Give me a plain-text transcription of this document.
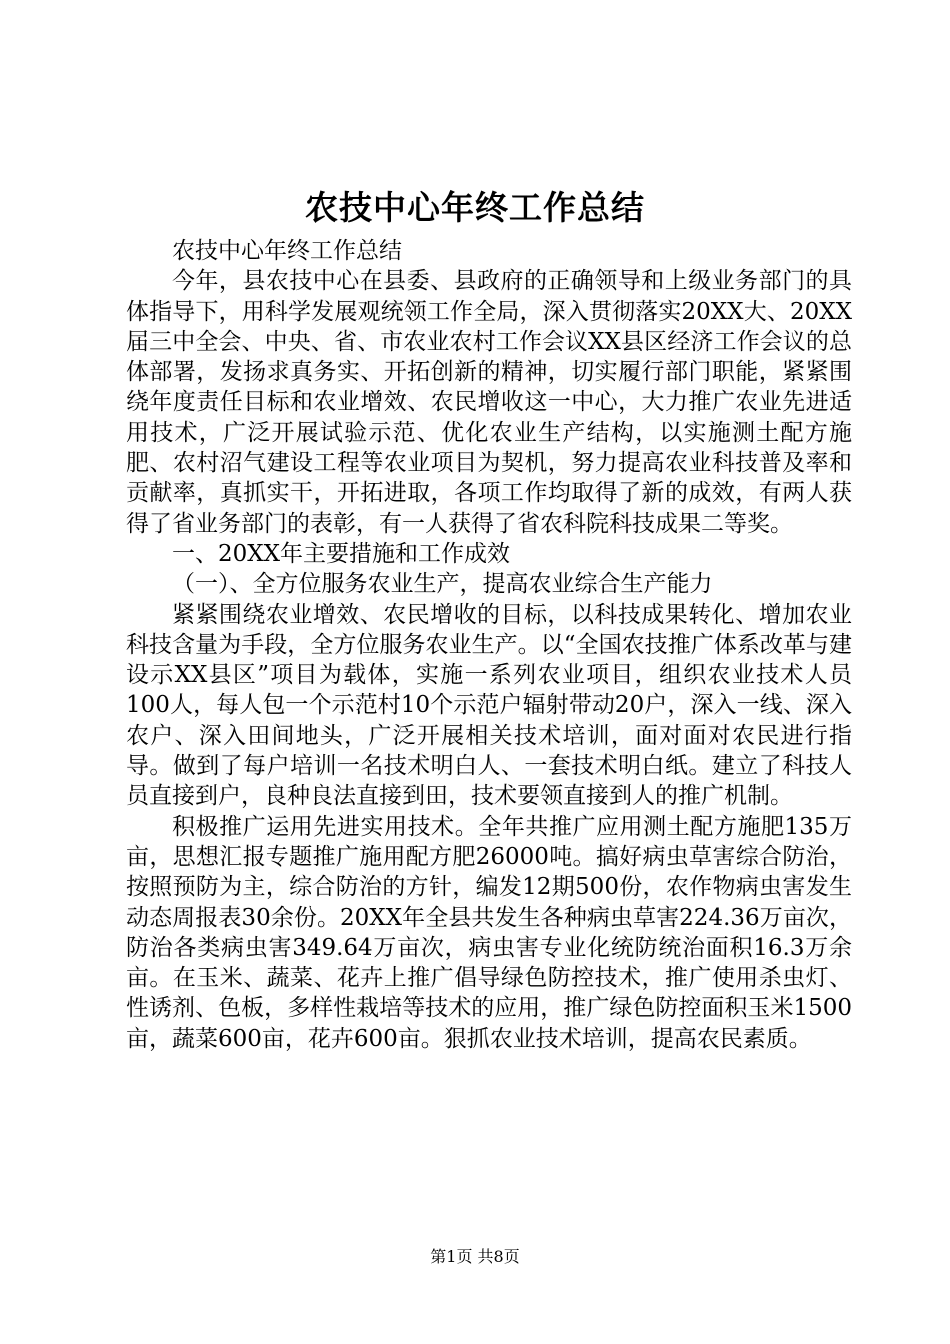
农技中心年终工作总结

农技中心年终工作总结

今年，县农技中心在县委、县政府的正确领导和上级业务部门的具体指导下，用科学发展观统领工作全局，深入贯彻落实20XX大、20XX届三中全会、中央、省、市农业农村工作会议XX县区经济工作会议的总体部署，发扬求真务实、开拓创新的精神，切实履行部门职能，紧紧围绕年度责任目标和农业增效、农民增收这一中心，大力推广农业先进适用技术，广泛开展试验示范、优化农业生产结构，以实施测土配方施肥、农村沼气建设工程等农业项目为契机，努力提高农业科技普及率和贡献率，真抓实干，开拓进取，各项工作均取得了新的成效，有两人获得了省业务部门的表彰，有一人获得了省农科院科技成果二等奖。

一、20XX年主要措施和工作成效

（一）、全方位服务农业生产，提高农业综合生产能力

紧紧围绕农业增效、农民增收的目标，以科技成果转化、增加农业科技含量为手段，全方位服务农业生产。以“全国农技推广体系改革与建设示XX县区”项目为载体，实施一系列农业项目，组织农业技术人员100人，每人包一个示范村10个示范户辐射带动20户，深入一线、深入农户、深入田间地头，广泛开展相关技术培训，面对面对农民进行指导。做到了每户培训一名技术明白人、一套技术明白纸。建立了科技人员直接到户，良种良法直接到田，技术要领直接到人的推广机制。

积极推广运用先进实用技术。全年共推广应用测土配方施肥135万亩，思想汇报专题推广施用配方肥26000吨。搞好病虫草害综合防治，按照预防为主，综合防治的方针，编发12期500份，农作物病虫害发生动态周报表30余份。20XX年全县共发生各种病虫草害224.36万亩次，防治各类病虫害349.64万亩次，病虫害专业化统防统治面积16.3万余亩。在玉米、蔬菜、花卉上推广倡导绿色防控技术，推广使用杀虫灯、性诱剂、色板，多样性栽培等技术的应用，推广绿色防控面积玉米1500亩，蔬菜600亩，花卉600亩。狠抓农业技术培训，提高农民素质。

第1页 共8页
